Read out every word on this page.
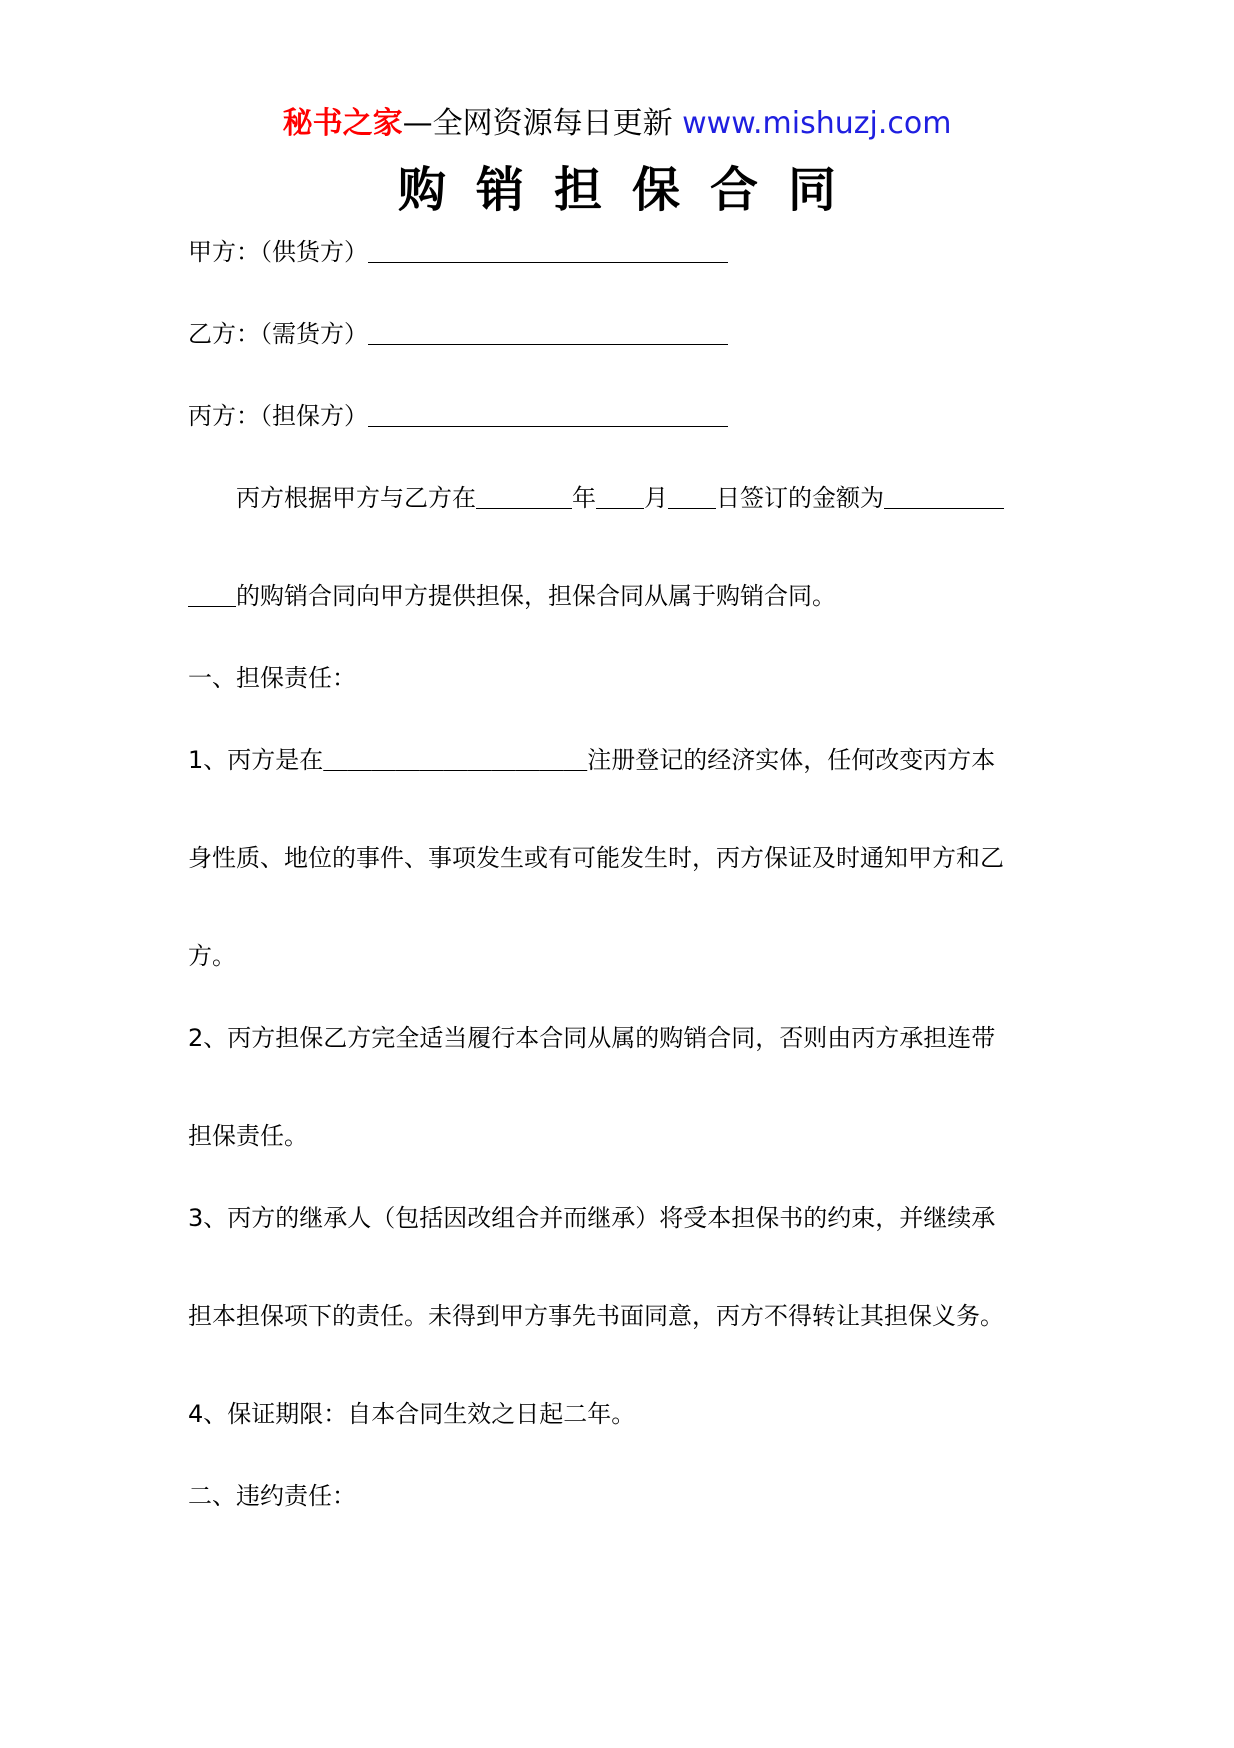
秘书之家—全网资源每日更新 www.mishuzj.com
购销担保合同
甲方：（供货方）＿＿＿＿＿＿＿＿＿＿＿＿＿＿＿
乙方：（需货方）＿＿＿＿＿＿＿＿＿＿＿＿＿＿＿
丙方：（担保方）＿＿＿＿＿＿＿＿＿＿＿＿＿＿＿
丙方根据甲方与乙方在＿＿＿＿年＿＿月＿＿日签订的金额为＿＿＿＿＿
＿＿的购销合同向甲方提供担保，担保合同从属于购销合同。
一、担保责任：
1、丙方是在＿＿＿＿＿＿＿＿＿＿＿注册登记的经济实体，任何改变丙方本
身性质、地位的事件、事项发生或有可能发生时，丙方保证及时通知甲方和乙
方。
2、丙方担保乙方完全适当履行本合同从属的购销合同，否则由丙方承担连带
担保责任。
3、丙方的继承人（包括因改组合并而继承）将受本担保书的约束，并继续承
担本担保项下的责任。未得到甲方事先书面同意，丙方不得转让其担保义务。
4、保证期限：自本合同生效之日起二年。
二、违约责任：
